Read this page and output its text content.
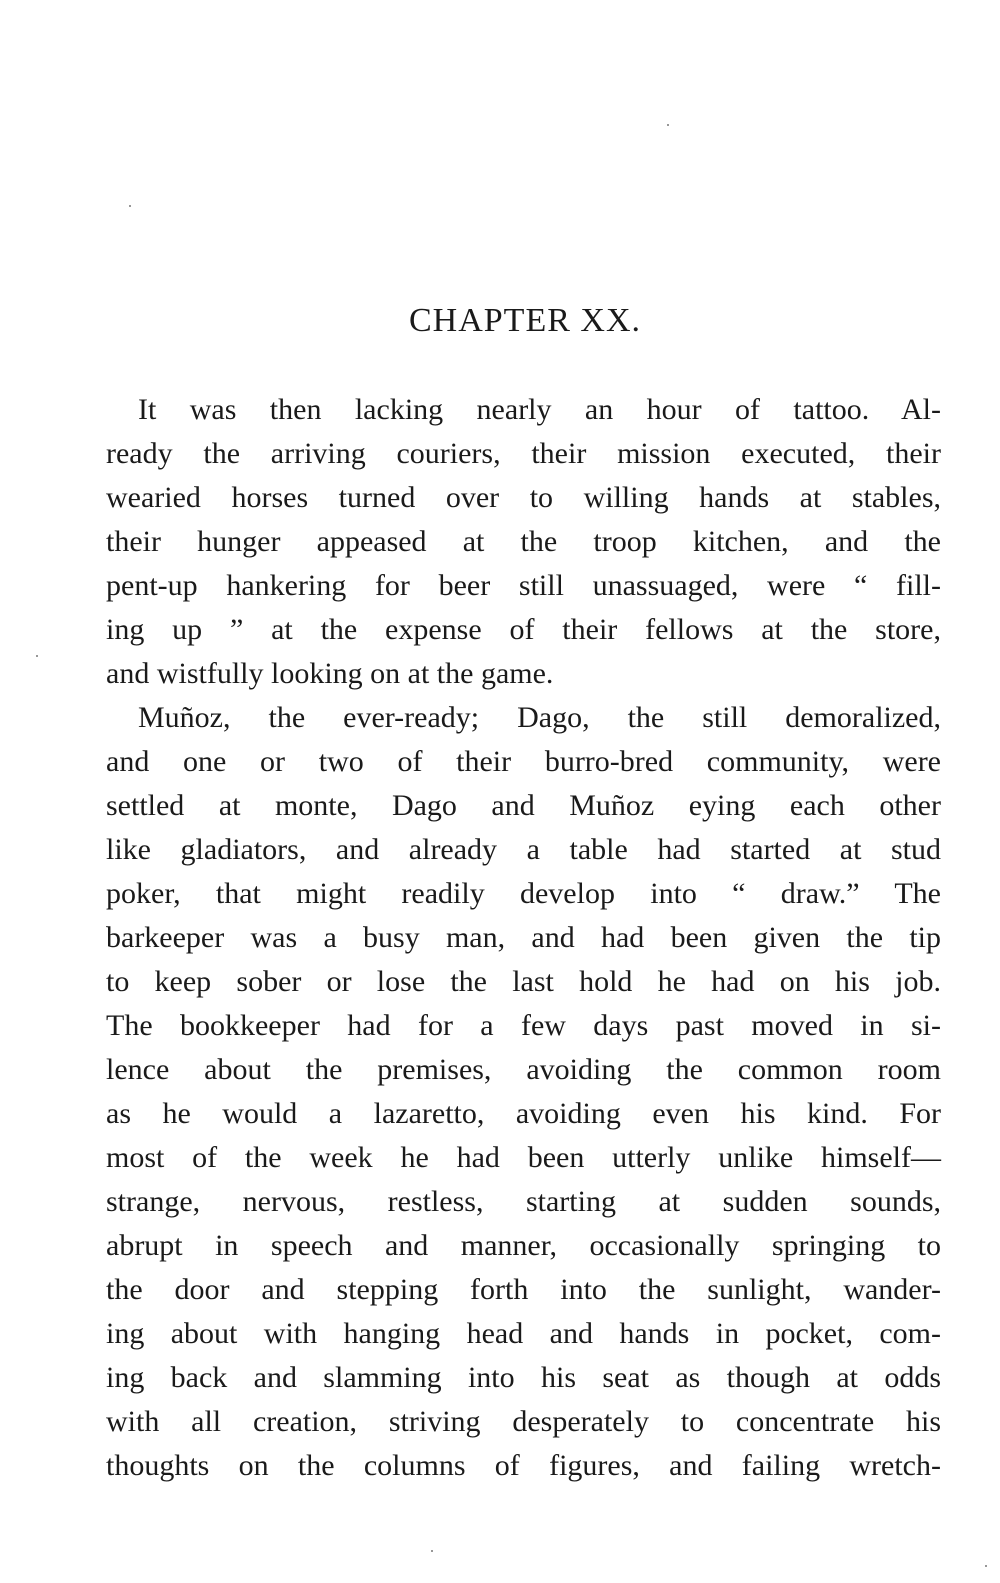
CHAPTER XX.
It was then lacking nearly an hour of tattoo. Al-
ready the arriving couriers, their mission executed, their
wearied horses turned over to willing hands at stables,
their hunger appeased at the troop kitchen, and the
pent-up hankering for beer still unassuaged, were “ fill-
ing up ” at the expense of their fellows at the store,
and wistfully looking on at the game.
Muñoz, the ever-ready; Dago, the still demoralized,
and one or two of their burro-bred community, were
settled at monte, Dago and Muñoz eying each other
like gladiators, and already a table had started at stud
poker, that might readily develop into “ draw.” The
barkeeper was a busy man, and had been given the tip
to keep sober or lose the last hold he had on his job.
The bookkeeper had for a few days past moved in si-
lence about the premises, avoiding the common room
as he would a lazaretto, avoiding even his kind. For
most of the week he had been utterly unlike himself—
strange, nervous, restless, starting at sudden sounds,
abrupt in speech and manner, occasionally springing to
the door and stepping forth into the sunlight, wander-
ing about with hanging head and hands in pocket, com-
ing back and slamming into his seat as though at odds
with all creation, striving desperately to concentrate his
thoughts on the columns of figures, and failing wretch-
